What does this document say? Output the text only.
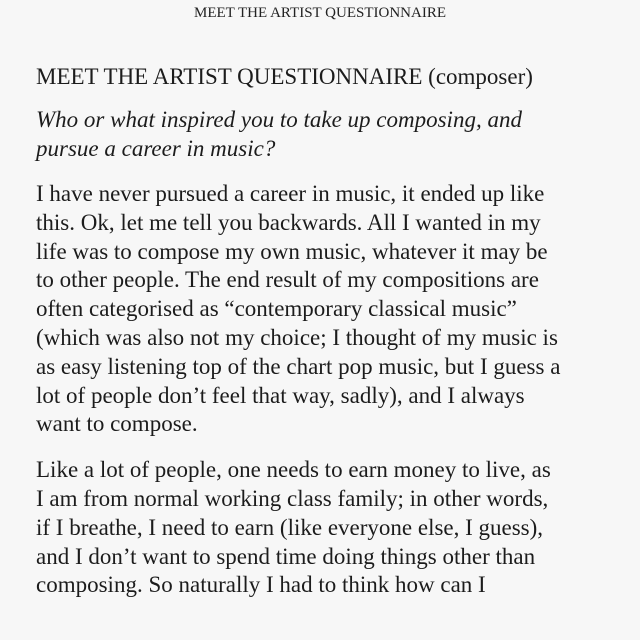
MEET THE ARTIST QUESTIONNAIRE
MEET THE ARTIST QUESTIONNAIRE (composer)

Who or what inspired you to take up composing, and
pursue a career in music?

I have never pursued a career in music, it ended up like
this. Ok, let me tell you backwards. All I wanted in my
life was to compose my own music, whatever it may be
to other people. The end result of my compositions are
often categorised as “contemporary classical music”
(which was also not my choice; I thought of my music is
as easy listening top of the chart pop music, but I guess a
lot of people don’t feel that way, sadly), and I always
want to compose.

Like a lot of people, one needs to earn money to live, as
I am from normal working class family; in other words,
if I breathe, I need to earn (like everyone else, I guess),
and I don’t want to spend time doing things other than
composing. So naturally I had to think how can I
